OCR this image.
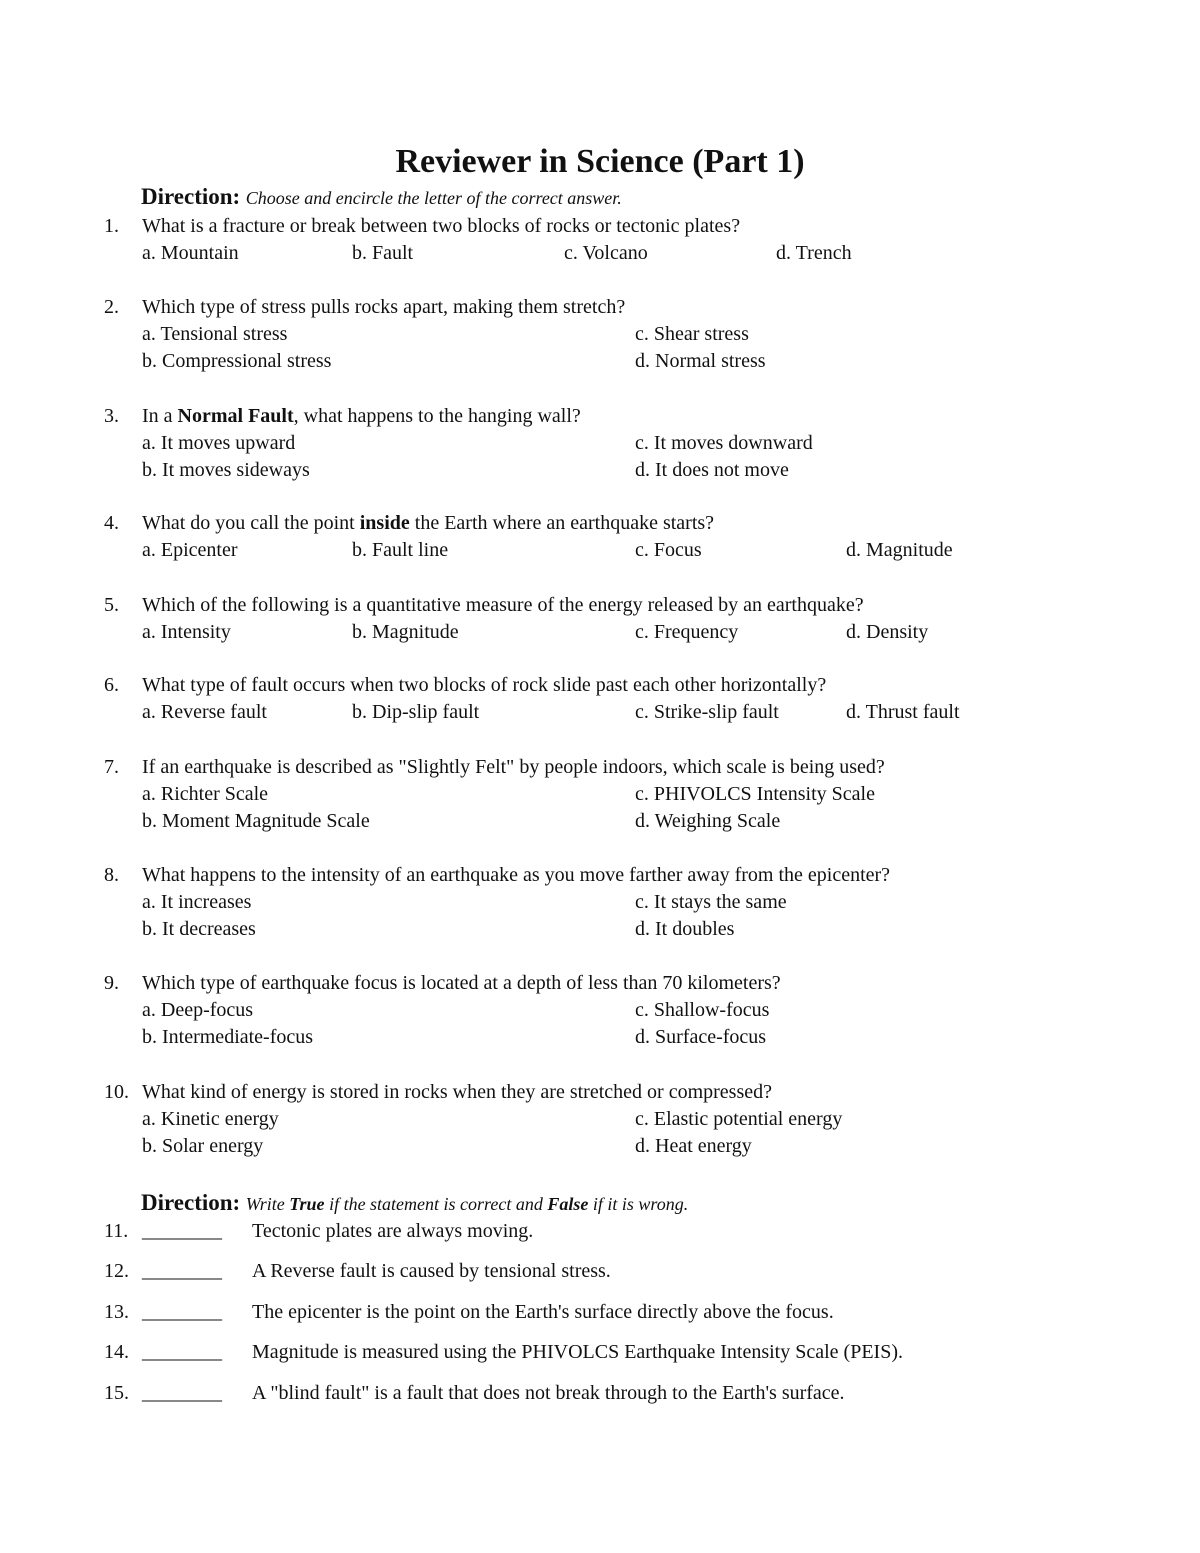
Reviewer in Science (Part 1)
Direction: Choose and encircle the letter of the correct answer.
1.	What is a fracture or break between two blocks of rocks or tectonic plates?
a. Mountain	b. Fault	c. Volcano	d. Trench
2.	Which type of stress pulls rocks apart, making them stretch?
a. Tensional stress	c. Shear stress
b. Compressional stress	d. Normal stress
3.	In a Normal Fault, what happens to the hanging wall?
a. It moves upward	c. It moves downward
b. It moves sideways	d. It does not move
4.	What do you call the point inside the Earth where an earthquake starts?
a. Epicenter	b. Fault line	c. Focus	d. Magnitude
5.	Which of the following is a quantitative measure of the energy released by an earthquake?
a. Intensity	b. Magnitude	c. Frequency	d. Density
6.	What type of fault occurs when two blocks of rock slide past each other horizontally?
a. Reverse fault	b. Dip-slip fault	c. Strike-slip fault	d. Thrust fault
7.	If an earthquake is described as "Slightly Felt" by people indoors, which scale is being used?
a. Richter Scale	c. PHIVOLCS Intensity Scale
b. Moment Magnitude Scale	d. Weighing Scale
8.	What happens to the intensity of an earthquake as you move farther away from the epicenter?
a. It increases	c. It stays the same
b. It decreases	d. It doubles
9.	Which type of earthquake focus is located at a depth of less than 70 kilometers?
a. Deep-focus	c. Shallow-focus
b. Intermediate-focus	d. Surface-focus
10. What kind of energy is stored in rocks when they are stretched or compressed?
a. Kinetic energy	c. Elastic potential energy
b. Solar energy	d. Heat energy
Direction: Write True if the statement is correct and False if it is wrong.
11. ________ Tectonic plates are always moving.
12. ________ A Reverse fault is caused by tensional stress.
13. ________ The epicenter is the point on the Earth's surface directly above the focus.
14. ________ Magnitude is measured using the PHIVOLCS Earthquake Intensity Scale (PEIS).
15. ________ A "blind fault" is a fault that does not break through to the Earth's surface.
